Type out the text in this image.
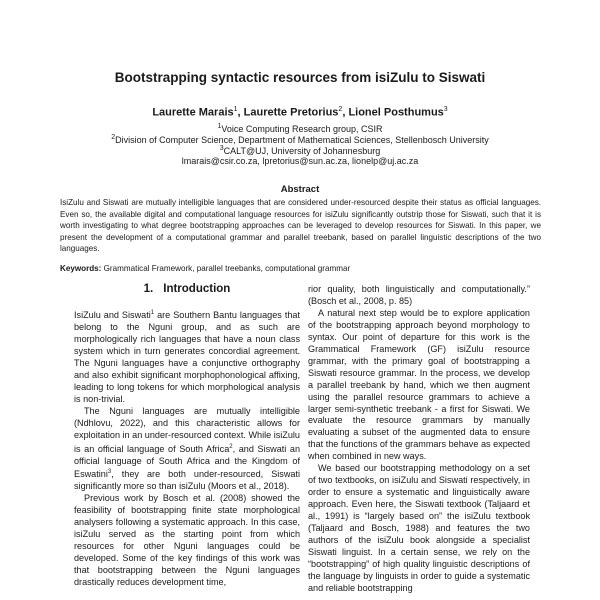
Bootstrapping syntactic resources from isiZulu to Siswati
Laurette Marais$^1$, Laurette Pretorius$^2$, Lionel Posthumus$^3$
$^1$Voice Computing Research group, CSIR
$^2$Division of Computer Science, Department of Mathematical Sciences, Stellenbosch University
$^3$CALT@UJ, University of Johannesburg
lmarais@csir.co.za, lpretorius@sun.ac.za, lionelp@uj.ac.za
Abstract

IsiZulu and Siswati are mutually intelligible languages that are considered under-resourced despite their status as official languages. Even so, the available digital and computational language resources for isiZulu significantly outstrip those for Siswati, such that it is worth investigating to what degree bootstrapping approaches can be leveraged to develop resources for Siswati. In this paper, we present the development of a computational grammar and parallel treebank, based on parallel linguistic descriptions of the two languages.

Keywords: Grammatical Framework, parallel treebanks, computational grammar
1. Introduction

IsiZulu and Siswati$^1$ are Southern Bantu languages that belong to the Nguni group, and as such are morphologically rich languages that have a noun class system which in turn generates concordial agreement. The Nguni languages have a conjunctive orthography and also exhibit significant morphophonological affixing, leading to long tokens for which morphological analysis is non-trivial.

The Nguni languages are mutually intelligible (Ndhlovu, 2022), and this characteristic allows for exploitation in an under-resourced context. While isiZulu is an official language of South Africa$^2$, and Siswati an official language of South Africa and the Kingdom of Eswatini$^3$, they are both under-resourced, Siswati significantly more so than isiZulu (Moors et al., 2018).

Previous work by Bosch et al. (2008) showed the feasibility of bootstrapping finite state morphological analysers following a systematic approach. In this case, isiZulu served as the starting point from which resources for other Nguni languages could be developed. Some of the key findings of this work was that bootstrapping between the Nguni languages drastically reduces development time,

rior quality, both linguistically and computationally.” (Bosch et al., 2008, p. 85)

A natural next step would be to explore application of the bootstrapping approach beyond morphology to syntax. Our point of departure for this work is the Grammatical Framework (GF) isiZulu resource grammar, with the primary goal of bootstrapping a Siswati resource grammar. In the process, we develop a parallel treebank by hand, which we then augment using the parallel resource grammars to achieve a larger semi-synthetic treebank - a first for Siswati. We evaluate the resource grammars by manually evaluating a subset of the augmented data to ensure that the functions of the grammars behave as expected when combined in new ways.

We based our bootstrapping methodology on a set of two textbooks, on isiZulu and Siswati respectively, in order to ensure a systematic and linguistically aware approach. Even here, the Siswati textbook (Taljaard et al., 1991) is “largely based on” the isiZulu textbook (Taljaard and Bosch, 1988) and features the two authors of the isiZulu book alongside a specialist Siswati linguist. In a certain sense, we rely on the “bootstrapping” of high quality linguistic descriptions of the language by linguists in order to guide a systematic and reliable bootstrapping
